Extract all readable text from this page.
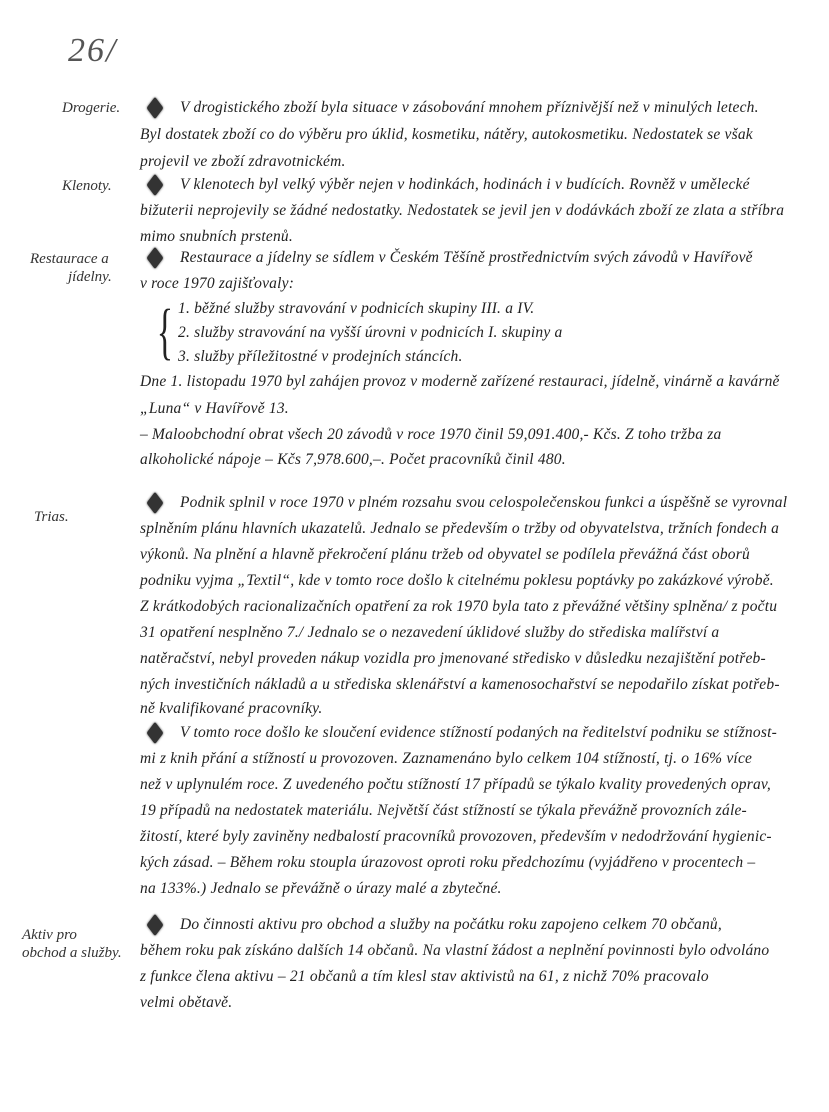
26/
Drogerie.	V drogistického zboží byla situace v zásobování mnohem příznivější než v minulých letech.
Byl dostatek zboží co do výběru pro úklid, kosmetiku, nátěry, autokosmetiku. Nedostatek se však
projevil ve zboží zdravotnickém.
Klenoty.	V klenotech byl velký výběr nejen v hodinkách, hodinách i v budících. Rovněž v umělecké
bižuterii neprojevily se žádné nedostatky. Nedostatek se jevil jen v dodávkách zboží ze zlata a stříbra
mimo snubních prstenů.
Restaurace a
jídelny.
Restaurace a jídelny se sídlem v Českém Těšíně prostřednictvím svých závodů v Havířově
v roce 1970 zajišťovaly:
{ 1. běžné služby stravování v podnicích skupiny III. a IV.
2. služby stravování na vyšší úrovni v podnicích I. skupiny a
3. služby příležitostné v prodejních stáncích.
Dne 1. listopadu 1970 byl zahájen provoz v moderně zařízené restauraci, jídelně, vinárně a kavárně
„Luna“ v Havířově 13.
– Maloobchodní obrat všech 20 závodů v roce 1970 činil 59,091.400,- Kčs. Z toho tržba za
alkoholické nápoje – Kčs 7,978.600,–. Počet pracovníků činil 480.
Trias.
Podnik splnil v roce 1970 v plném rozsahu svou celospolečenskou funkci a úspěšně se vyrovnal
splněním plánu hlavních ukazatelů. Jednalo se především o tržby od obyvatelstva, tržních fondech a
výkonů. Na plnění a hlavně překročení plánu tržeb od obyvatel se podílela převážná část oborů
podniku vyjma „Textil“, kde v tomto roce došlo k citelnému poklesu poptávky po zakázkové výrobě.
Z krátkodobých racionalizačních opatření za rok 1970 byla tato z převážné většiny splněna/ z počtu
31 opatření nesplněno 7./ Jednalo se o nezavedení úklidové služby do střediska malířství a
natěračství, nebyl proveden nákup vozidla pro jmenované středisko v důsledku nezajištění potřeb-
ných investičních nákladů a u střediska sklenářství a kamenosochařství se nepodařilo získat potřeb-
ně kvalifikované pracovníky.
V tomto roce došlo ke sloučení evidence stížností podaných na ředitelství podniku se stížnost-
mi z knih přání a stížností u provozoven. Zaznamenáno bylo celkem 104 stížností, tj. o 16% více
než v uplynulém roce. Z uvedeného počtu stížností 17 případů se týkalo kvality provedených oprav,
19 případů na nedostatek materiálu. Největší část stížností se týkala převážně provozních zále-
žitostí, které byly zaviněny nedbalostí pracovníků provozoven, především v nedodržování hygienic-
kých zásad. – Během roku stoupla úrazovost oproti roku předchozímu (vyjádřeno v procentech –
na 133%.) Jednalo se převážně o úrazy malé a zbytečné.
Aktiv pro
obchod a služby.
Do činnosti aktivu pro obchod a služby na počátku roku zapojeno celkem 70 občanů,
během roku pak získáno dalších 14 občanů. Na vlastní žádost a neplnění povinnosti bylo odvoláno
z funkce člena aktivu – 21 občanů a tím klesl stav aktivistů na 61, z nichž 70% pracovalo
velmi obětavě.
